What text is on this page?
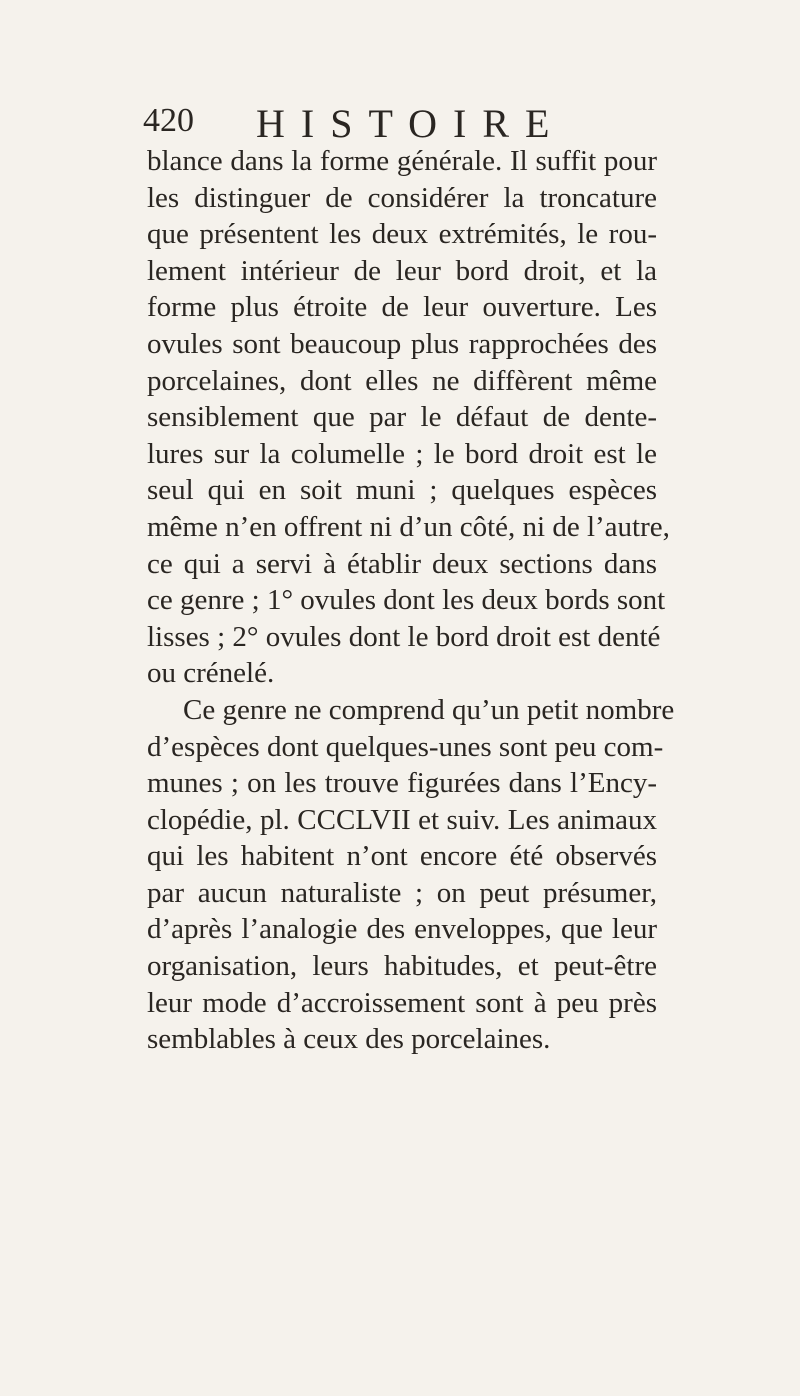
420 HISTOIRE
blance dans la forme générale. Il suffit pour
les distinguer de considérer la troncature
que présentent les deux extrémités, le rou-
lement intérieur de leur bord droit, et la
forme plus étroite de leur ouverture. Les
ovules sont beaucoup plus rapprochées des
porcelaines, dont elles ne diffèrent même
sensiblement que par le défaut de dente-
lures sur la columelle ; le bord droit est le
seul qui en soit muni ; quelques espèces
même n’en offrent ni d’un côté, ni de l’autre,
ce qui a servi à établir deux sections dans
ce genre ; 1° ovules dont les deux bords sont
lisses ; 2° ovules dont le bord droit est denté
ou crénelé.
Ce genre ne comprend qu’un petit nombre
d’espèces dont quelques-unes sont peu com-
munes ; on les trouve figurées dans l’Ency-
clopédie, pl. CCCLVII et suiv. Les animaux
qui les habitent n’ont encore été observés
par aucun naturaliste ; on peut présumer,
d’après l’analogie des enveloppes, que leur
organisation, leurs habitudes, et peut-être
leur mode d’accroissement sont à peu près
semblables à ceux des porcelaines.
